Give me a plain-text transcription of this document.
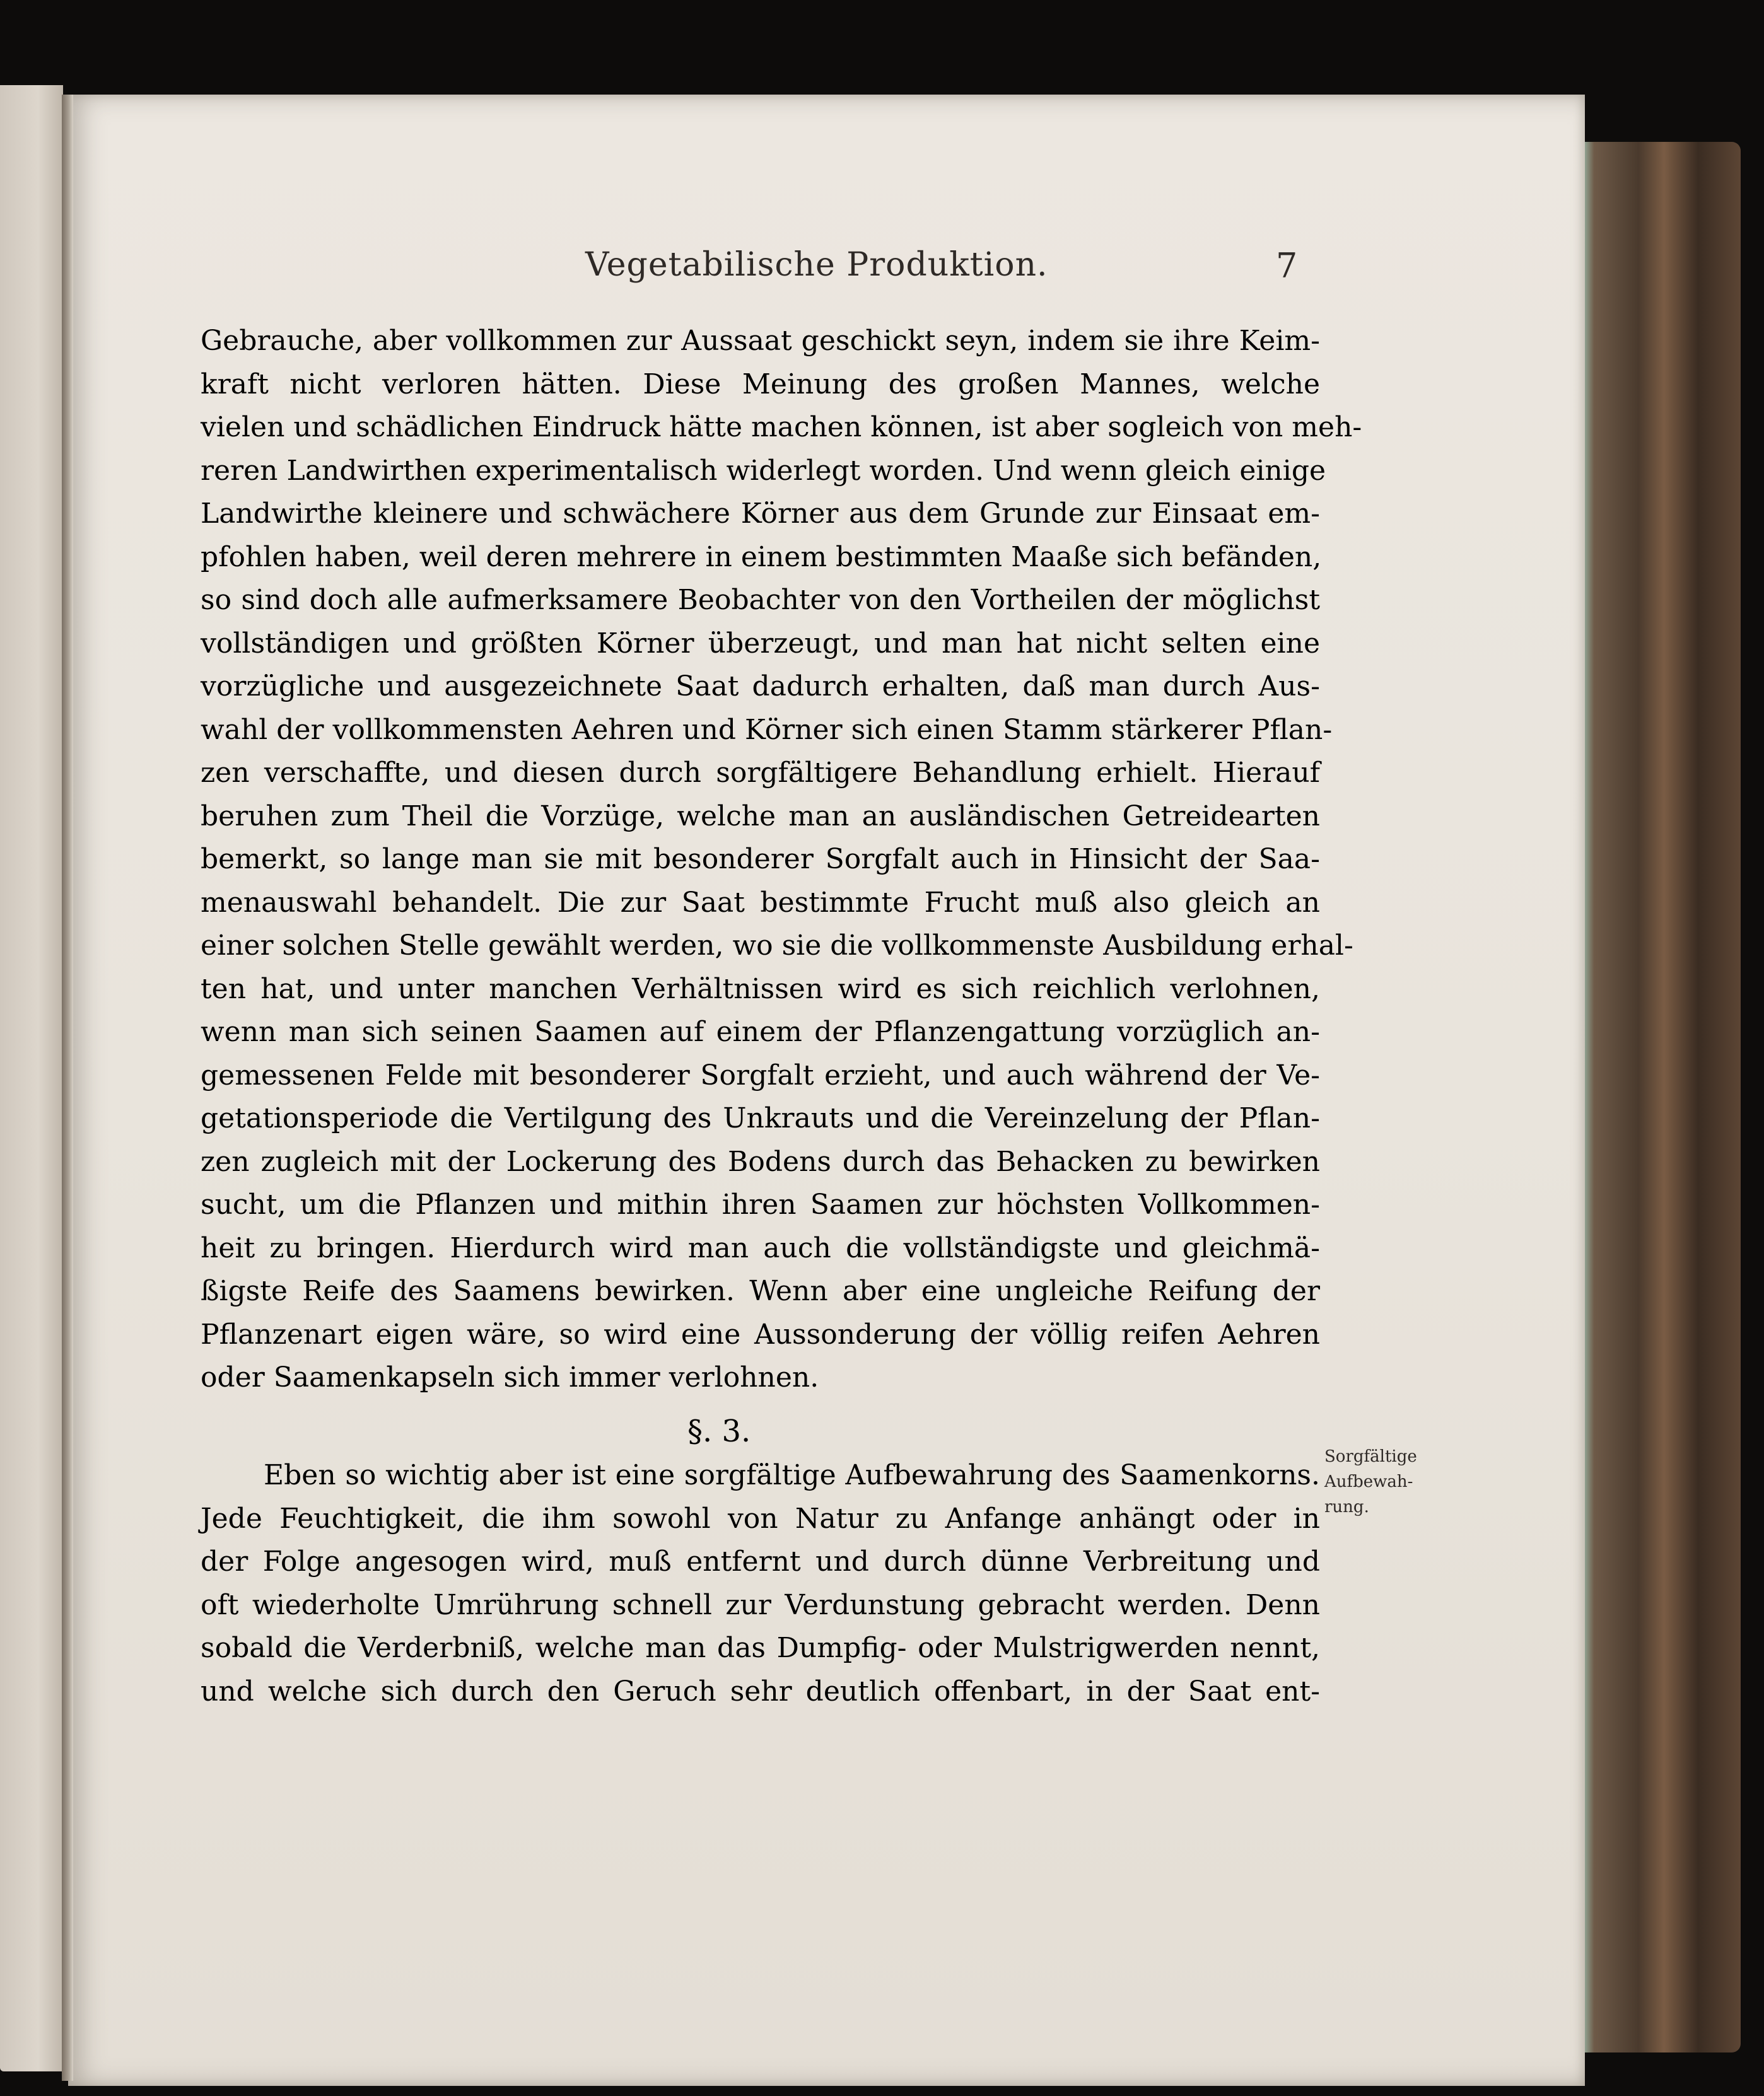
Vegetabilische Produktion.	7
Gebrauche, aber vollkommen zur Aussaat geschickt seyn, indem sie ihre Keim-
kraft nicht verloren hätten. Diese Meinung des großen Mannes, welche
vielen und schädlichen Eindruck hätte machen können, ist aber sogleich von meh-
reren Landwirthen experimentalisch widerlegt worden. Und wenn gleich einige
Landwirthe kleinere und schwächere Körner aus dem Grunde zur Einsaat em-
pfohlen haben, weil deren mehrere in einem bestimmten Maaße sich befänden,
so sind doch alle aufmerksamere Beobachter von den Vortheilen der möglichst
vollständigen und größten Körner überzeugt, und man hat nicht selten eine
vorzügliche und ausgezeichnete Saat dadurch erhalten, daß man durch Aus-
wahl der vollkommensten Aehren und Körner sich einen Stamm stärkerer Pflan-
zen verschaffte, und diesen durch sorgfältigere Behandlung erhielt. Hierauf
beruhen zum Theil die Vorzüge, welche man an ausländischen Getreidearten
bemerkt, so lange man sie mit besonderer Sorgfalt auch in Hinsicht der Saa-
menauswahl behandelt. Die zur Saat bestimmte Frucht muß also gleich an
einer solchen Stelle gewählt werden, wo sie die vollkommenste Ausbildung erhal-
ten hat, und unter manchen Verhältnissen wird es sich reichlich verlohnen,
wenn man sich seinen Saamen auf einem der Pflanzengattung vorzüglich an-
gemessenen Felde mit besonderer Sorgfalt erzieht, und auch während der Ve-
getationsperiode die Vertilgung des Unkrauts und die Vereinzelung der Pflan-
zen zugleich mit der Lockerung des Bodens durch das Behacken zu bewirken
sucht, um die Pflanzen und mithin ihren Saamen zur höchsten Vollkommen-
heit zu bringen. Hierdurch wird man auch die vollständigste und gleichmä-
ßigste Reife des Saamens bewirken. Wenn aber eine ungleiche Reifung der
Pflanzenart eigen wäre, so wird eine Aussonderung der völlig reifen Aehren
oder Saamenkapseln sich immer verlohnen.
§. 3.
Eben so wichtig aber ist eine sorgfältige Aufbewahrung des Saamenkorns.
Jede Feuchtigkeit, die ihm sowohl von Natur zu Anfange anhängt oder in
der Folge angesogen wird, muß entfernt und durch dünne Verbreitung und
oft wiederholte Umrührung schnell zur Verdunstung gebracht werden. Denn
sobald die Verderbniß, welche man das Dumpfig- oder Mulstrigwerden nennt,
und welche sich durch den Geruch sehr deutlich offenbart, in der Saat ent-
Sorgfältige
Aufbewah-
rung.
